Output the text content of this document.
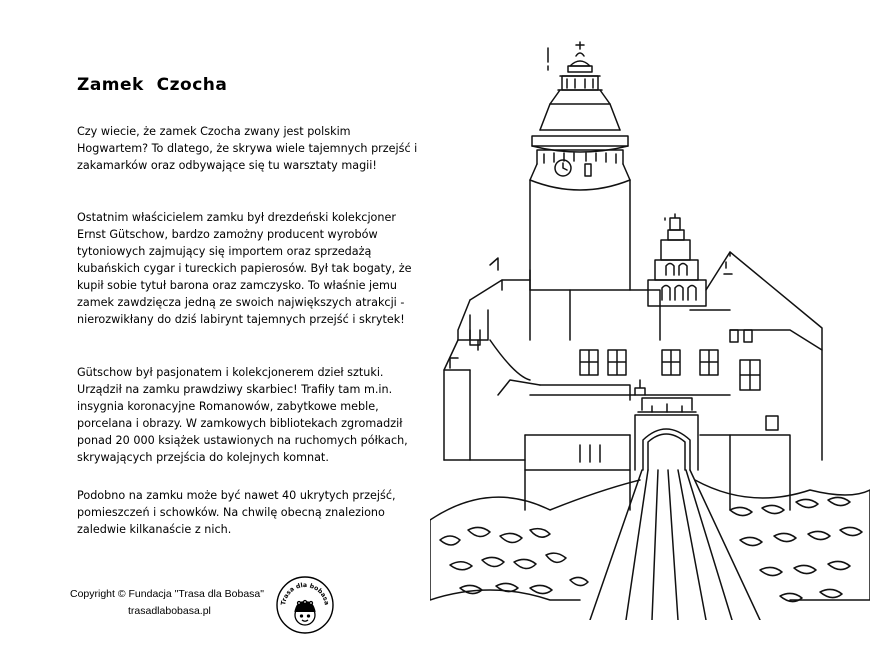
Zamek  Czocha

Czy wiecie, że zamek Czocha zwany jest polskim Hogwartem? To dlatego, że skrywa wiele tajemnych przejść i zakamarków oraz odbywające się tu warsztaty magii!

Ostatnim właścicielem zamku był drezdeński kolekcjoner Ernst Gütschow, bardzo zamożny producent wyrobów tytoniowych zajmujący się importem oraz sprzedażą kubańskich cygar i tureckich papierosów. Był tak bogaty, że kupił sobie tytuł barona oraz zamczysko. To właśnie jemu zamek zawdzięcza jedną ze swoich największych atrakcji - nierozwikłany do dziś labirynt tajemnych przejść i skrytek!

Gütschow był pasjonatem i kolekcjonerem dzieł sztuki. Urządził na zamku prawdziwy skarbiec! Trafiły tam m.in. insygnia koronacyjne Romanowów, zabytkowe meble, porcelana i obrazy. W zamkowych bibliotekach zgromadził ponad 20 000 książek ustawionych na ruchomych półkach, skrywających przejścia do kolejnych komnat.

Podobno na zamku może być nawet 40 ukrytych przejść, pomieszczeń i schowków. Na chwilę obecną znaleziono zaledwie kilkanaście z nich.

Copyright © Fundacja "Trasa dla Bobasa"
trasadlabobasa.pl
Trasa dla bobasa
